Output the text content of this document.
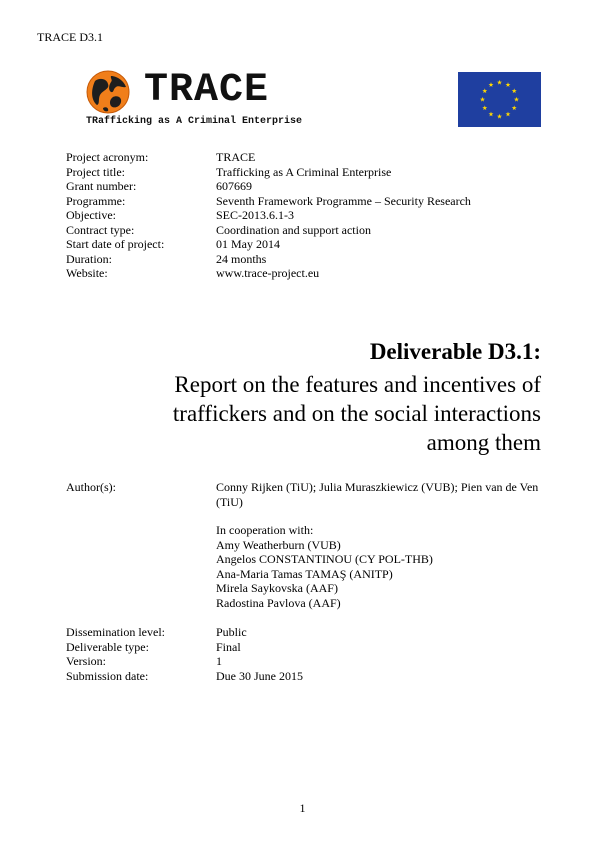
TRACE D3.1
TRACE
TRafficking as A Criminal Enterprise
Project acronym:	TRACE
Project title:	Trafficking as A Criminal Enterprise
Grant number:	607669
Programme:	Seventh Framework Programme – Security Research
Objective:	SEC-2013.6.1-3
Contract type:	Coordination and support action
Start date of project:	01 May 2014
Duration:	24 months
Website:	www.trace-project.eu
Deliverable D3.1:
Report on the features and incentives of traffickers and on the social interactions among them
Author(s):	Conny Rijken (TiU); Julia Muraszkiewicz (VUB); Pien van de Ven (TiU)
In cooperation with:
Amy Weatherburn (VUB)
Angelos CONSTANTINOU (CY POL-THB)
Ana-Maria Tamas TAMAŞ (ANITP)
Mirela Saykovska (AAF)
Radostina Pavlova (AAF)
Dissemination level:	Public
Deliverable type:	Final
Version:	1
Submission date:	Due 30 June 2015
1
